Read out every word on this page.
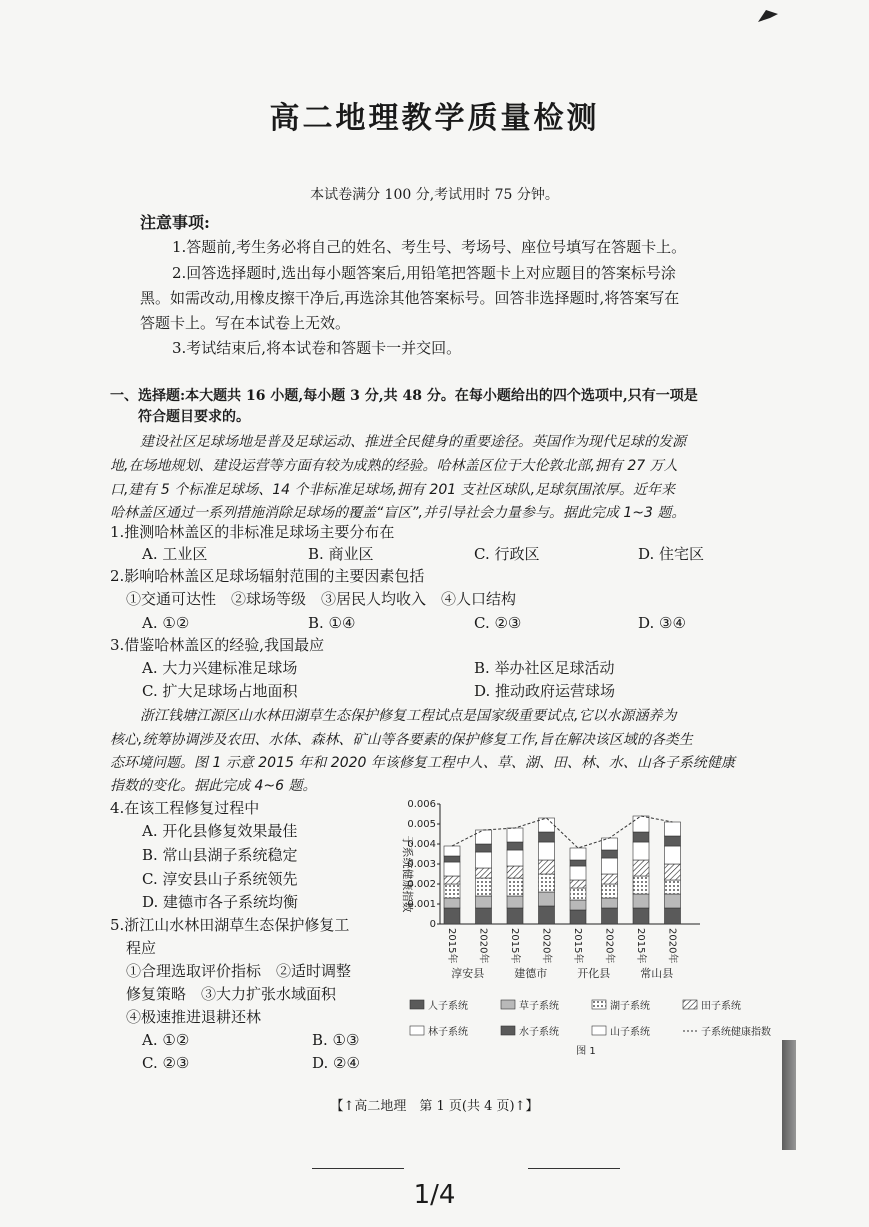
高二地理教学质量检测
本试卷满分 100 分,考试用时 75 分钟。
注意事项:
1.答题前,考生务必将自己的姓名、考生号、考场号、座位号填写在答题卡上。
2.回答选择题时,选出每小题答案后,用铅笔把答题卡上对应题目的答案标号涂
黑。如需改动,用橡皮擦干净后,再选涂其他答案标号。回答非选择题时,将答案写在
答题卡上。写在本试卷上无效。
3.考试结束后,将本试卷和答题卡一并交回。
一、选择题:本大题共 16 小题,每小题 3 分,共 48 分。在每小题给出的四个选项中,只有一项是
符合题目要求的。
建设社区足球场地是普及足球运动、推进全民健身的重要途径。英国作为现代足球的发源
地,在场地规划、建设运营等方面有较为成熟的经验。哈林盖区位于大伦敦北部,拥有 27 万人
口,建有 5 个标准足球场、14 个非标准足球场,拥有 201 支社区球队,足球氛围浓厚。近年来
哈林盖区通过一系列措施消除足球场的覆盖“盲区”,并引导社会力量参与。据此完成 1~3 题。
1.推测哈林盖区的非标准足球场主要分布在
A. 工业区	B. 商业区	C. 行政区	D. 住宅区
2.影响哈林盖区足球场辐射范围的主要因素包括
①交通可达性　②球场等级　③居民人均收入　④人口结构
A. ①②	B. ①④	C. ②③	D. ③④
3.借鉴哈林盖区的经验,我国最应
A. 大力兴建标准足球场	B. 举办社区足球活动
C. 扩大足球场占地面积	D. 推动政府运营球场
浙江钱塘江源区山水林田湖草生态保护修复工程试点是国家级重要试点,它以水源涵养为
核心,统筹协调涉及农田、水体、森林、矿山等各要素的保护修复工作,旨在解决该区域的各类生
态环境问题。图 1 示意 2015 年和 2020 年该修复工程中人、草、湖、田、林、水、山各子系统健康
指数的变化。据此完成 4~6 题。
4.在该工程修复过程中
A. 开化县修复效果最佳
B. 常山县湖子系统稳定
C. 淳安县山子系统领先
D. 建德市各子系统均衡
5.浙江山水林田湖草生态保护修复工
程应
①合理选取评价指标　②适时调整
修复策略　③大力扩张水域面积
④极速推进退耕还林
A. ①②	B. ①③
C. ②③	D. ②④
0
0.001
0.002
0.003
0.004
0.005
0.006
2015年 2020年 2015年 2020年 2015年 2020年 2015年 2020年
淳安县	建德市	开化县	常山县
人子系统	草子系统	湖子系统	田子系统
林子系统	水子系统	山子系统	子系统健康指数
子系统健康指数
图 1
【↑高二地理　第 1 页(共 4 页)↑】
1/4
